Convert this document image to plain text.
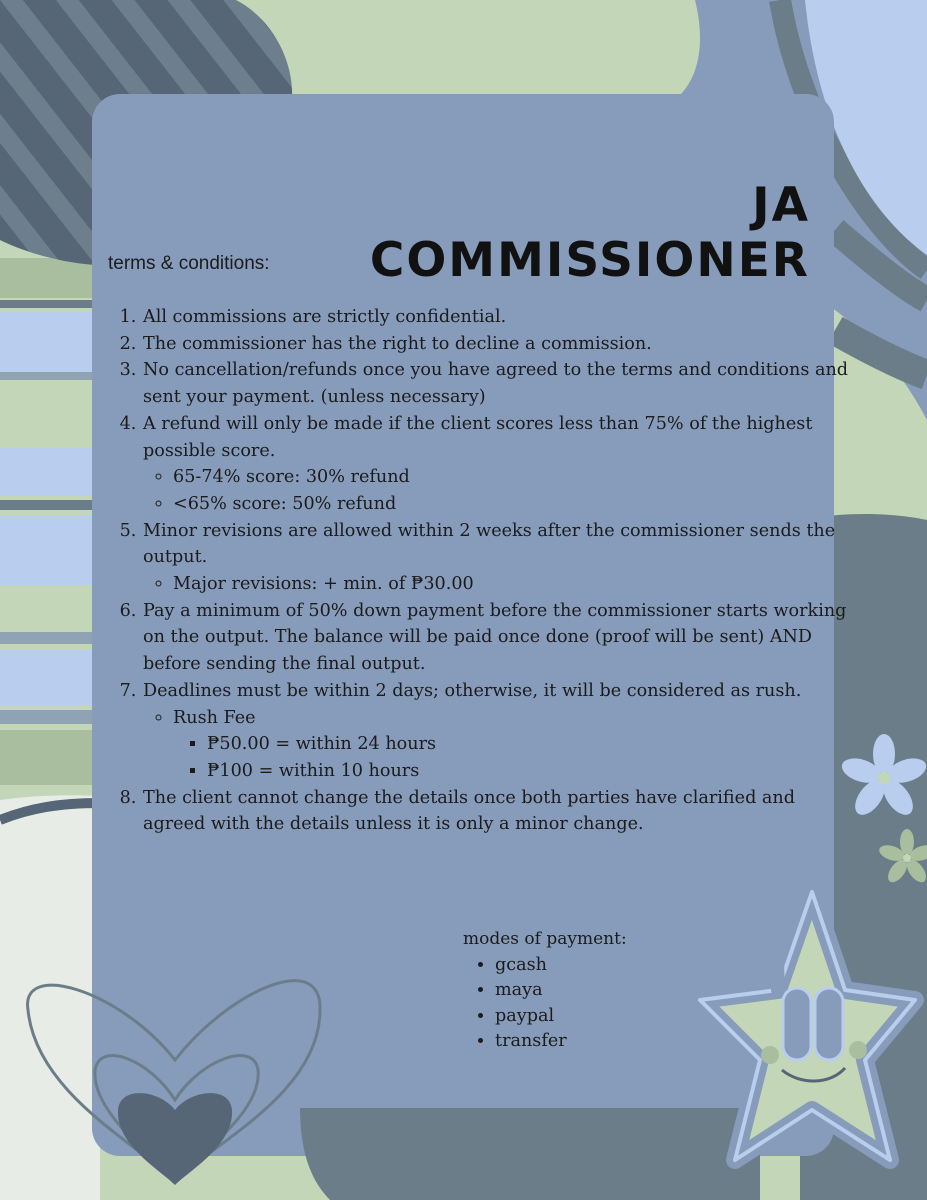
JA COMMISSIONER

terms & conditions:

1. All commissions are strictly confidential.
2. The commissioner has the right to decline a commission.
3. No cancellation/refunds once you have agreed to the terms and conditions and sent your payment. (unless necessary)
4. A refund will only be made if the client scores less than 75% of the highest possible score.
◦ 65-74% score: 30% refund
◦ <65% score: 50% refund
5. Minor revisions are allowed within 2 weeks after the commissioner sends the output.
◦ Major revisions: + min. of ₱30.00
6. Pay a minimum of 50% down payment before the commissioner starts working on the output. The balance will be paid once done (proof will be sent) AND before sending the final output.
7. Deadlines must be within 2 days; otherwise, it will be considered as rush.
◦ Rush Fee
▪ ₱50.00 = within 24 hours
▪ ₱100 = within 10 hours
8. The client cannot change the details once both parties have clarified and agreed with the details unless it is only a minor change.

modes of payment:

• gcash
• maya
• paypal
• transfer
